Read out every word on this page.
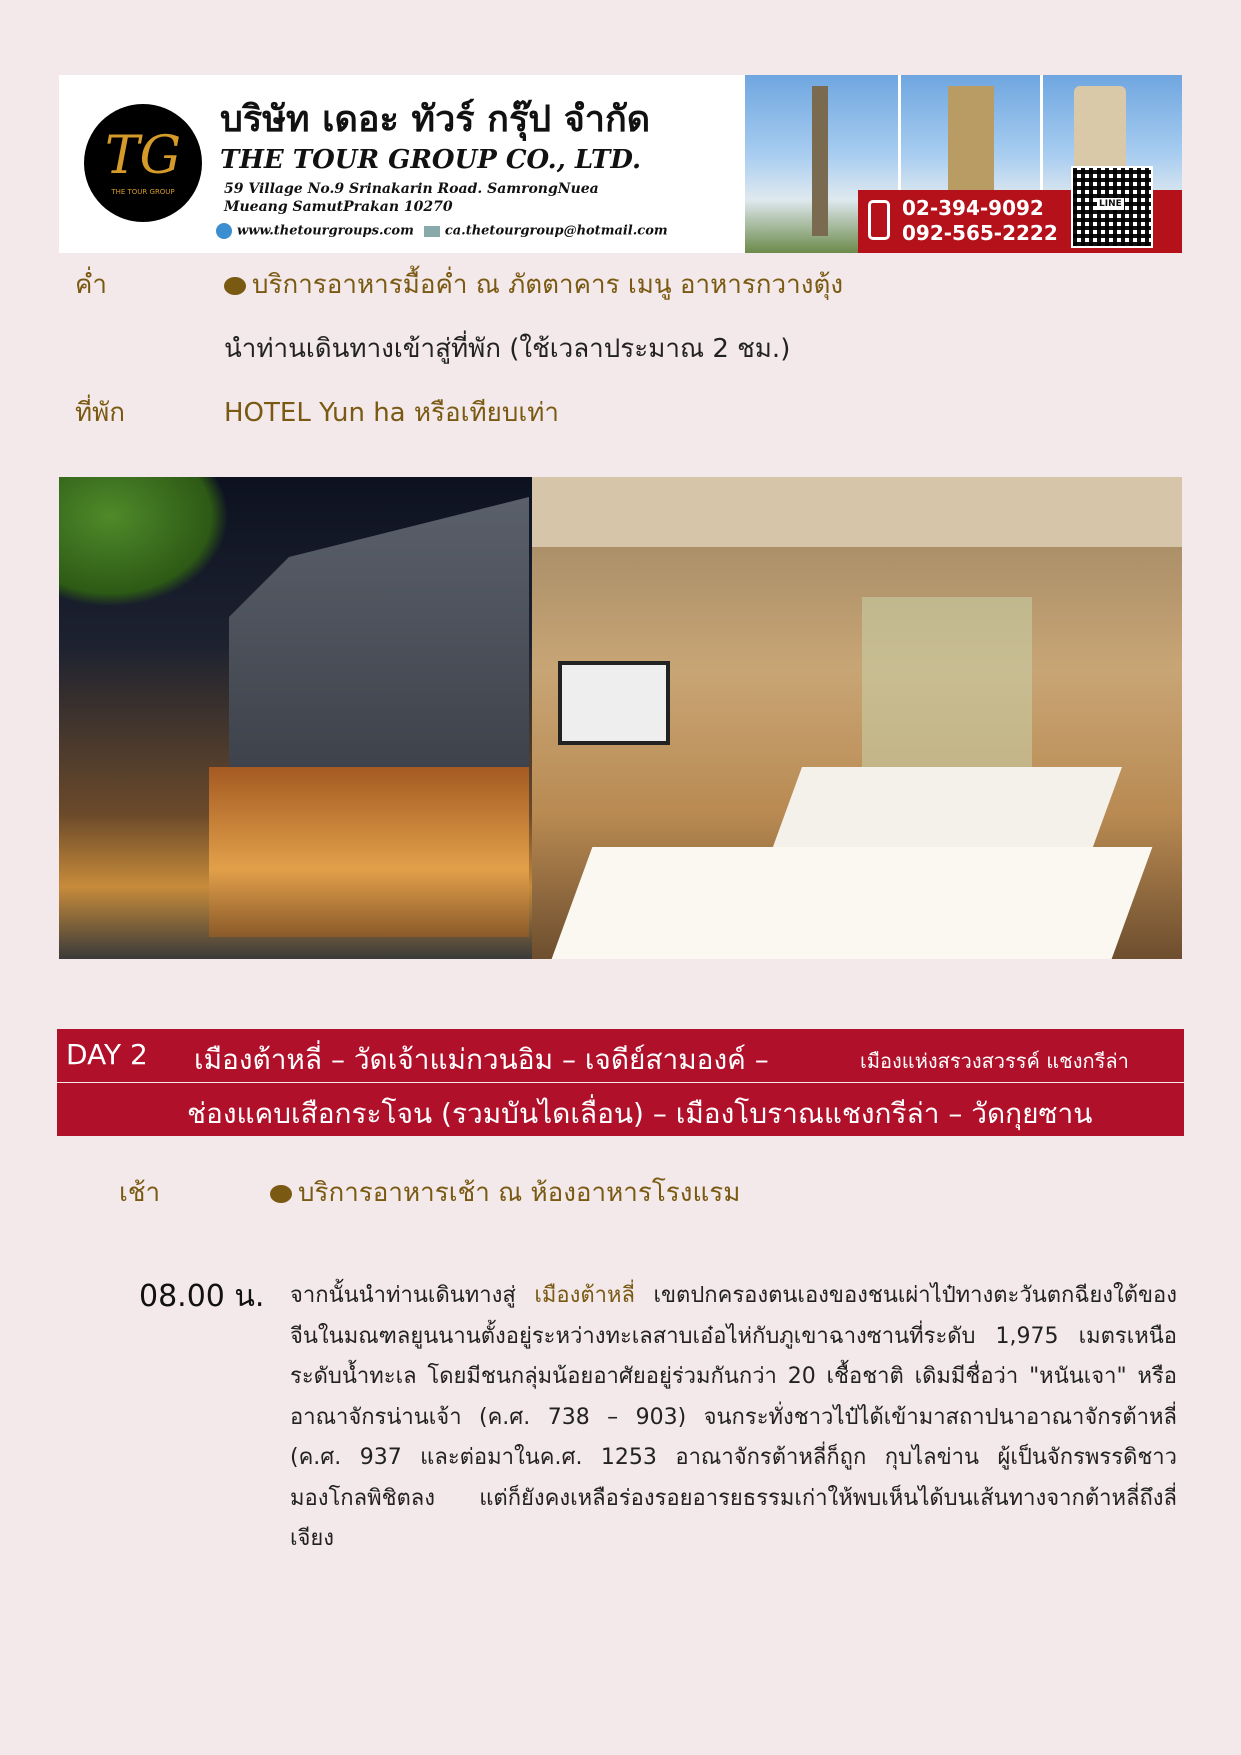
TG
THE TOUR GROUP
บริษัท เดอะ ทัวร์ กรุ๊ป จำกัด
THE TOUR GROUP CO., LTD.
59 Village No.9 Srinakarin Road. SamrongNuea
Mueang SamutPrakan 10270
www.thetourgroups.com ca.thetourgroup@hotmail.com
02-394-9092
092-565-2222
LINE
ค่ำ	บริการอาหารมื้อค่ำ ณ ภัตตาคาร เมนู อาหารกวางตุ้ง
นำท่านเดินทางเข้าสู่ที่พัก (ใช้เวลาประมาณ 2 ชม.)
ที่พัก	HOTEL Yun ha หรือเทียบเท่า
DAY 2 เมืองต้าหลี่ – วัดเจ้าแม่กวนอิม – เจดีย์สามองค์ –	เมืองแห่งสรวงสวรรค์ แชงกรีล่า
ช่องแคบเสือกระโจน (รวมบันไดเลื่อน) – เมืองโบราณแชงกรีล่า – วัดกุยซาน
เช้า	บริการอาหารเช้า ณ ห้องอาหารโรงแรม
08.00 น. จากนั้นนำท่านเดินทางสู่ เมืองต้าหลี่ เขตปกครองตนเองของชนเผ่าไป๋ทางตะวันตกฉียงใต้ของจีนในมณฑลยูนนานตั้งอยู่ระหว่างทะเลสาบเอ๋อไห่กับภูเขาฉางซานที่ระดับ 1,975 เมตรเหนือระดับน้ำทะเล โดยมีชนกลุ่มน้อยอาศัยอยู่ร่วมกันกว่า 20 เชื้อชาติ เดิมมีชื่อว่า "หนันเจา" หรืออาณาจักรน่านเจ้า (ค.ศ. 738 – 903) จนกระทั่งชาวไป๋ได้เข้ามาสถาปนาอาณาจักรต้าหลี่ (ค.ศ. 937 และต่อมาในค.ศ. 1253 อาณาจักรต้าหลี่ก็ถูก กุบไลข่าน ผู้เป็นจักรพรรดิชาวมองโกลพิชิตลง แต่ก็ยังคงเหลือร่องรอยอารยธรรมเก่าให้พบเห็นได้บนเส้นทางจากต้าหลี่ถึงลี่เจียง
